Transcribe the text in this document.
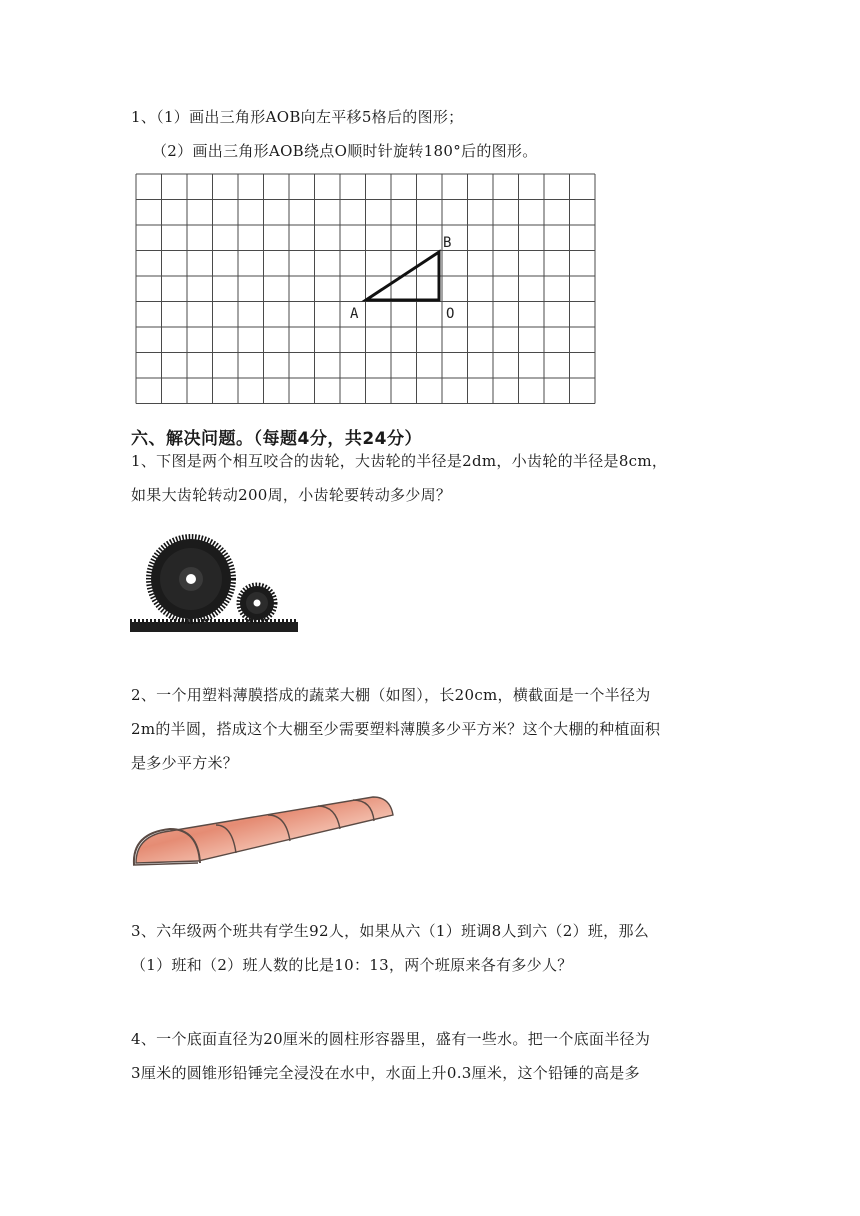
1、（1）画出三角形AOB向左平移5格后的图形；
（2）画出三角形AOB绕点O顺时针旋转180°后的图形。
A
B
O
六、解决问题。（每题4分，共24分）
1、下图是两个相互咬合的齿轮，大齿轮的半径是2dm，小齿轮的半径是8cm，
如果大齿轮转动200周，小齿轮要转动多少周？
2、一个用塑料薄膜搭成的蔬菜大棚（如图），长20cm，横截面是一个半径为
2m的半圆，搭成这个大棚至少需要塑料薄膜多少平方米？这个大棚的种植面积
是多少平方米？
3、六年级两个班共有学生92人，如果从六（1）班调8人到六（2）班，那么
（1）班和（2）班人数的比是10：13，两个班原来各有多少人？
4、一个底面直径为20厘米的圆柱形容器里，盛有一些水。把一个底面半径为
3厘米的圆锥形铅锤完全浸没在水中，水面上升0.3厘米，这个铅锤的高是多
